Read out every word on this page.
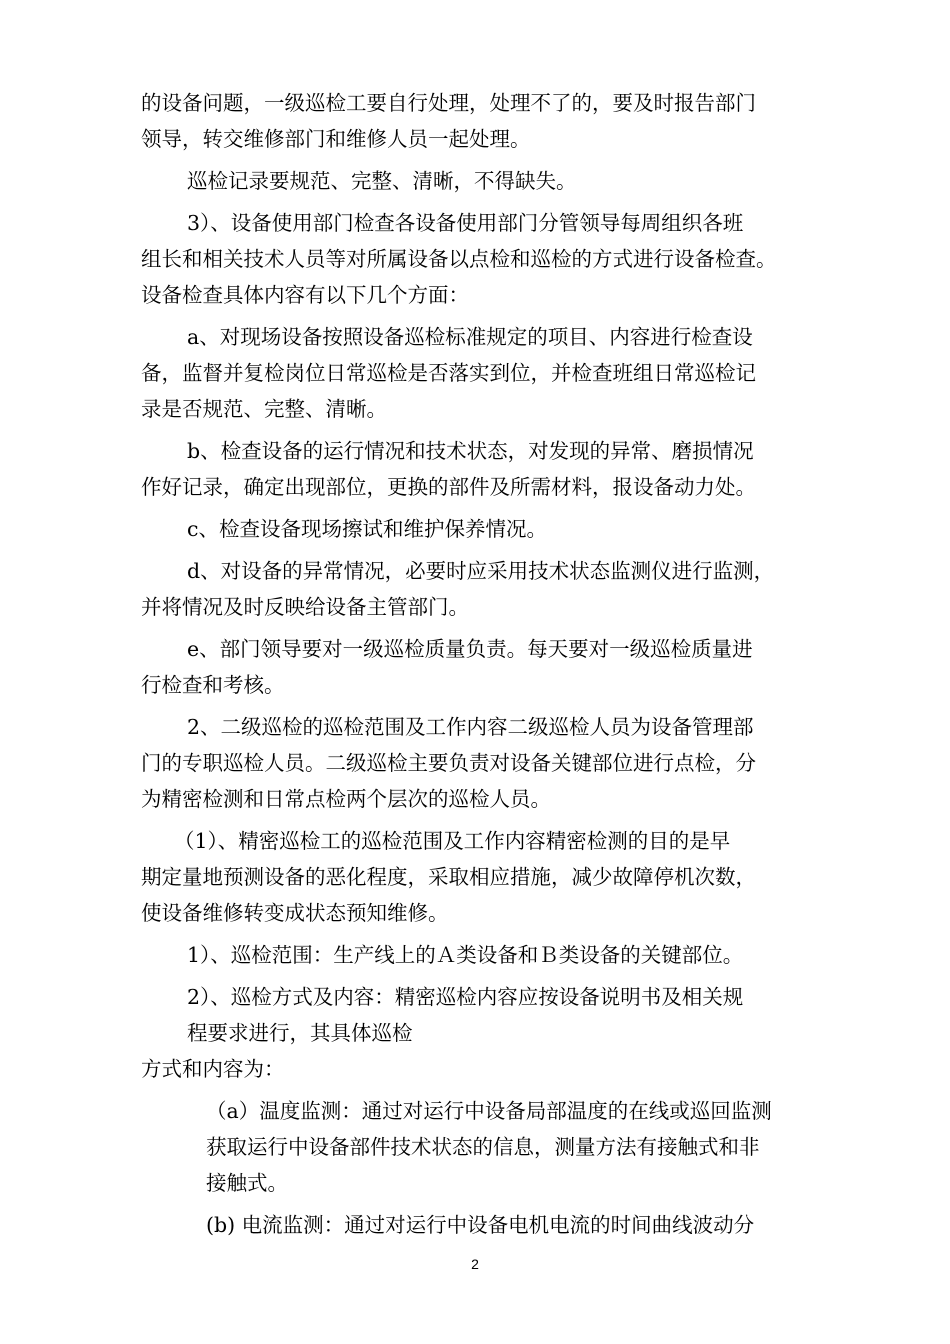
的设备问题，一级巡检工要自行处理，处理不了的，要及时报告部门
领导，转交维修部门和维修人员一起处理。
巡检记录要规范、完整、清晰，不得缺失。
3）、设备使用部门检查各设备使用部门分管领导每周组织各班
组长和相关技术人员等对所属设备以点检和巡检的方式进行设备检查。
设备检查具体内容有以下几个方面：
a、对现场设备按照设备巡检标准规定的项目、内容进行检查设
备，监督并复检岗位日常巡检是否落实到位，并检查班组日常巡检记
录是否规范、完整、清晰。
b、检查设备的运行情况和技术状态，对发现的异常、磨损情况
作好记录，确定出现部位，更换的部件及所需材料，报设备动力处。
c、检查设备现场擦试和维护保养情况。
d、对设备的异常情况，必要时应采用技术状态监测仪进行监测，
并将情况及时反映给设备主管部门。
e、部门领导要对一级巡检质量负责。每天要对一级巡检质量进
行检查和考核。
2、二级巡检的巡检范围及工作内容二级巡检人员为设备管理部
门的专职巡检人员。二级巡检主要负责对设备关键部位进行点检，分
为精密检测和日常点检两个层次的巡检人员。
（1）、精密巡检工的巡检范围及工作内容精密检测的目的是早
期定量地预测设备的恶化程度，采取相应措施，减少故障停机次数，
使设备维修转变成状态预知维修。
1）、巡检范围：生产线上的Ａ类设备和Ｂ类设备的关键部位。
2）、巡检方式及内容：精密巡检内容应按设备说明书及相关规
程要求进行，其具体巡检
方式和内容为：
（a）温度监测：通过对运行中设备局部温度的在线或巡回监测
获取运行中设备部件技术状态的信息，测量方法有接触式和非
接触式。
(b) 电流监测：通过对运行中设备电机电流的时间曲线波动分
2
